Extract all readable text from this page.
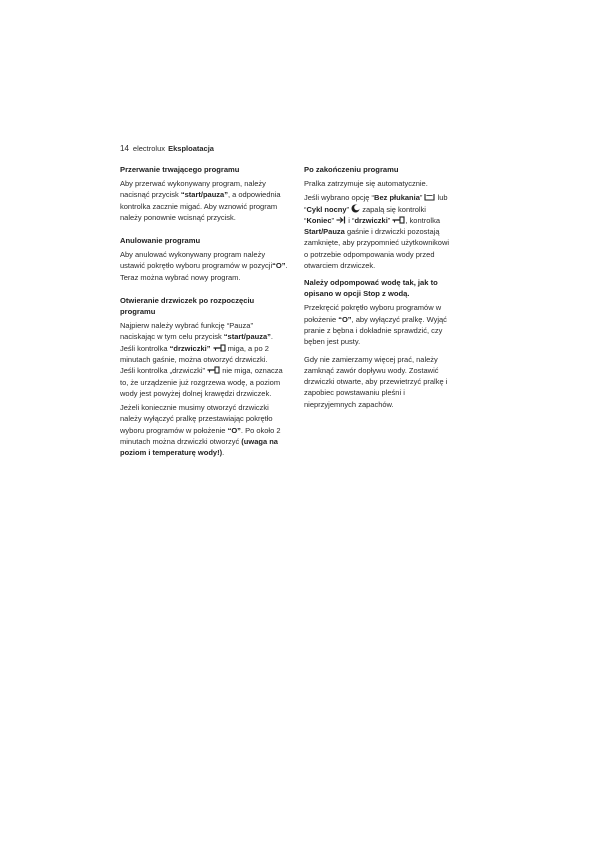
14 electrolux Eksploatacja
Przerwanie trwającego programu

Aby przerwać wykonywany program, należy nacisnąć przycisk “start/pauza”, a odpowiednia kontrolka zacznie migać. Aby wznowić program należy ponownie wcisnąć przycisk.

Anulowanie programu

Aby anulować wykonywany program należy ustawić pokrętło wyboru programów w pozycji“O”. Teraz można wybrać nowy program.

Otwieranie drzwiczek po rozpoczęciu programu

Najpierw należy wybrać funkcję “Pauza” naciskając w tym celu przycisk “start/pauza”.
Jeśli kontrolka “drzwiczki”  miga, a po 2 minutach gaśnie, można otworzyć drzwiczki.
Jeśli kontrolka „drzwiczki”  nie miga, oznacza to, że urządzenie już rozgrzewa wodę, a poziom wody jest powyżej dolnej krawędzi drzwiczek.

Jeżeli koniecznie musimy otworzyć drzwiczki należy wyłączyć pralkę przestawiając pokrętło wyboru programów w położenie “O”. Po około 2 minutach można drzwiczki otworzyć (uwaga na poziom i temperaturę wody!).

Po zakończeniu programu

Pralka zatrzymuje się automatycznie.

Jeśli wybrano opcję “Bez płukania”  lub “Cykl nocny”  zapalą się kontrolki “Koniec”  i “drzwiczki” , kontrolka Start/Pauza gaśnie i drzwiczki pozostają zamknięte, aby przypomnieć użytkownikowi o potrzebie odpompowania wody przed otwarciem drzwiczek.

Należy odpompować wodę tak, jak to opisano w opcji Stop z wodą.

Przekręcić pokrętło wyboru programów w położenie “O”, aby wyłączyć pralkę. Wyjąć pranie z bębna i dokładnie sprawdzić, czy bęben jest pusty.

Gdy nie zamierzamy więcej prać, należy zamknąć zawór dopływu wody. Zostawić drzwiczki otwarte, aby przewietrzyć pralkę i zapobiec powstawaniu pleśni i nieprzyjemnych zapachów.
